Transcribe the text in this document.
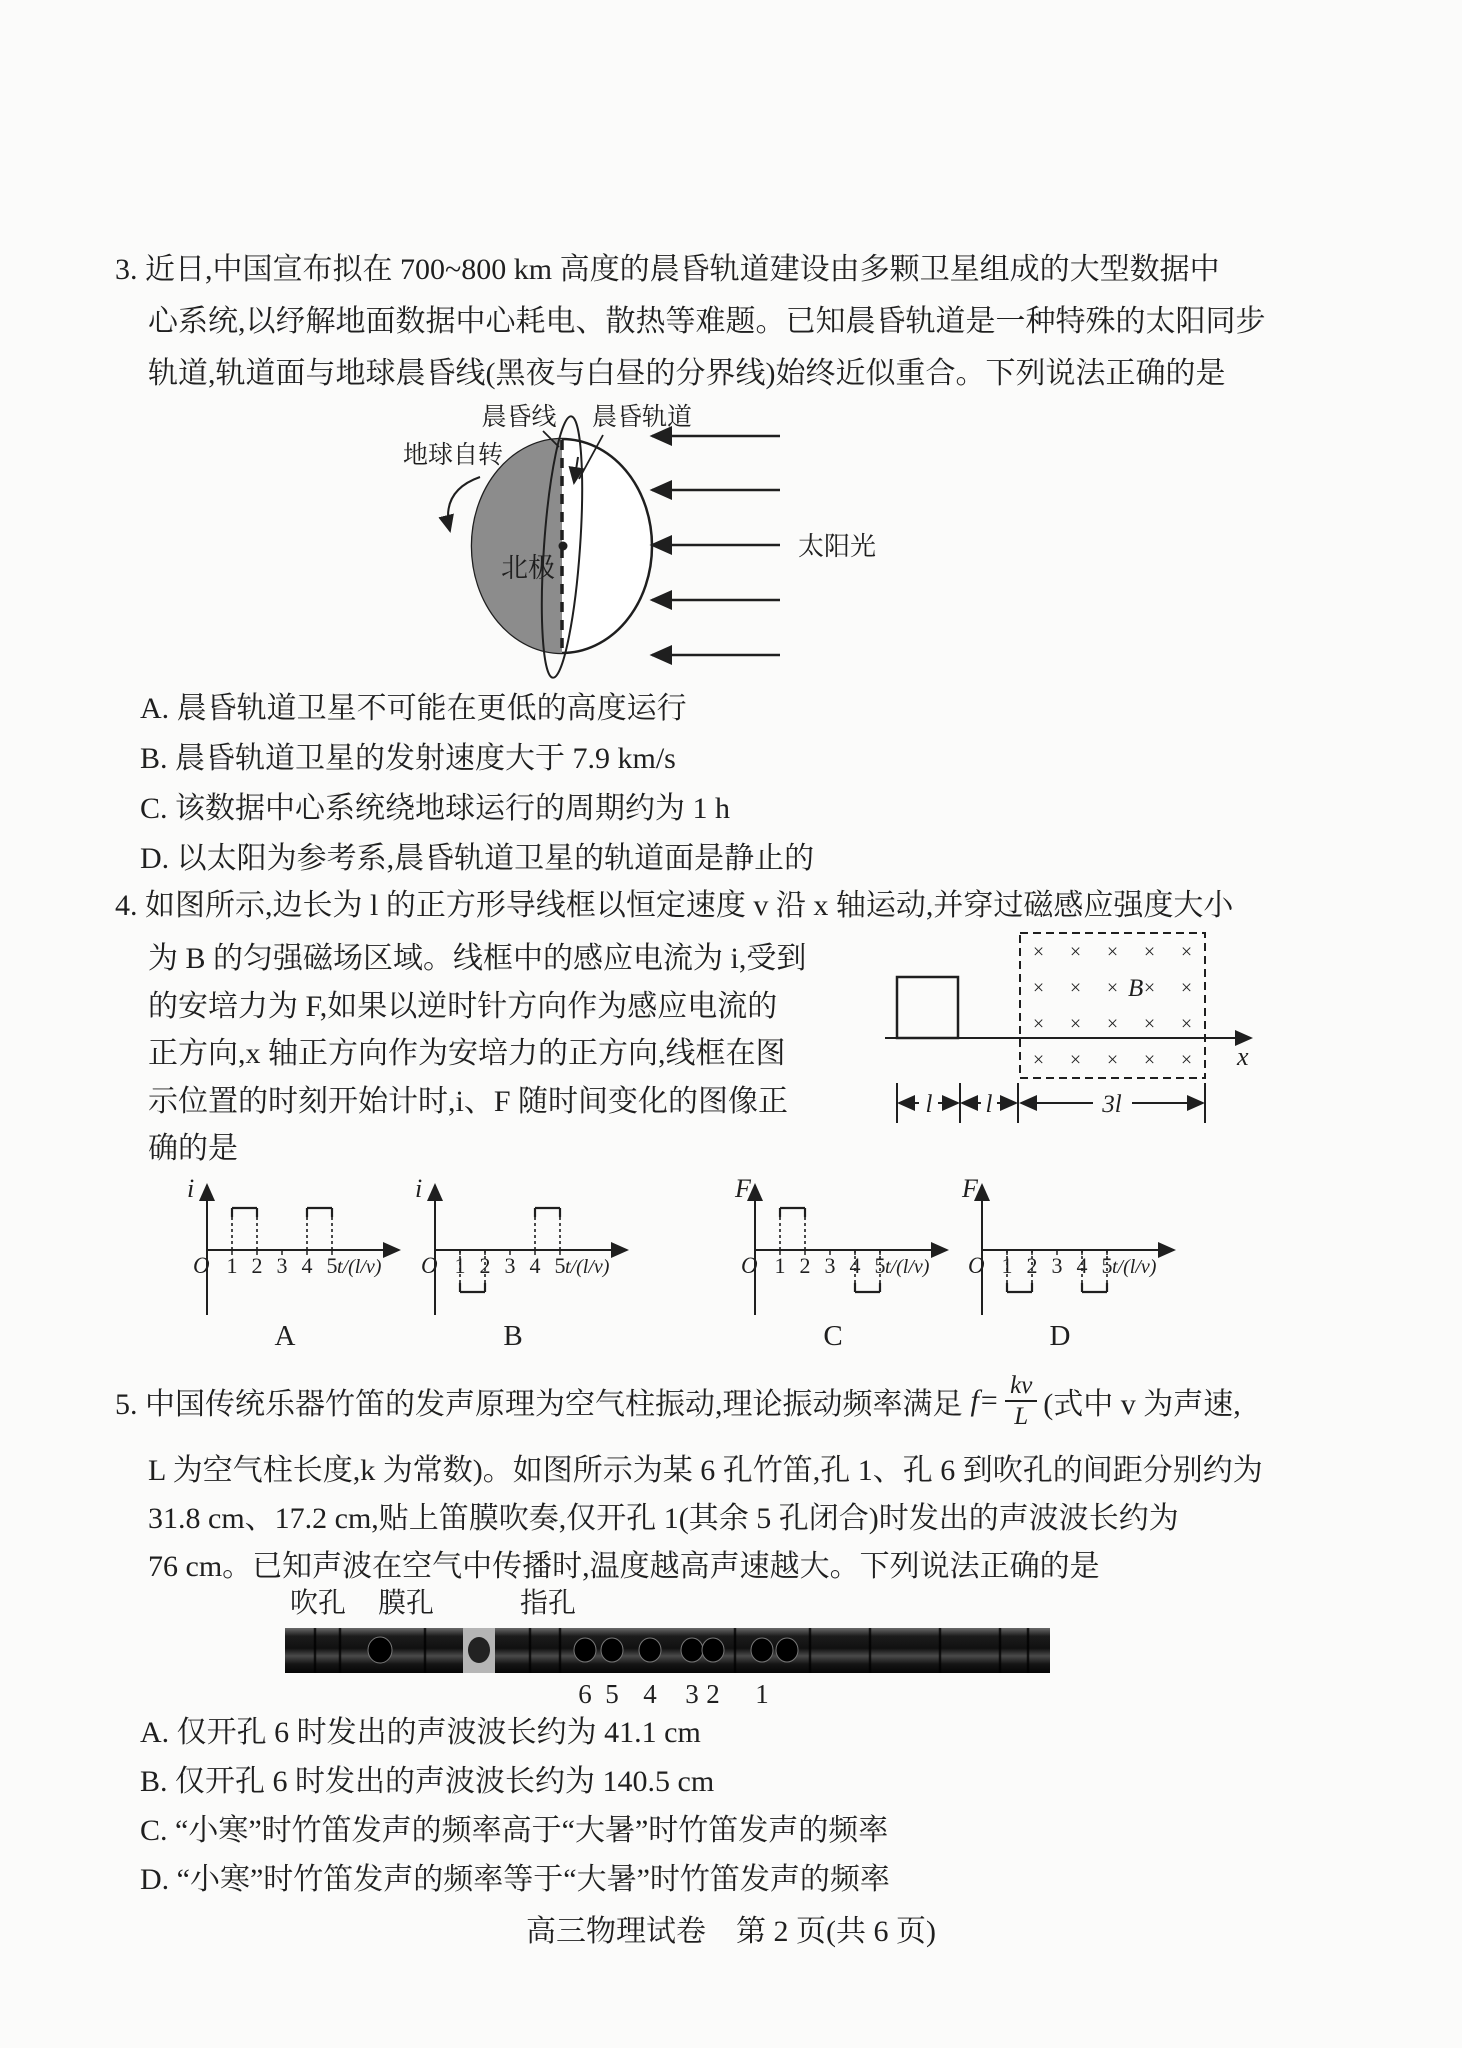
3. 近日,中国宣布拟在 700~800 km 高度的晨昏轨道建设由多颗卫星组成的大型数据中
心系统,以纾解地面数据中心耗电、散热等难题。已知晨昏轨道是一种特殊的太阳同步
轨道,轨道面与地球晨昏线(黑夜与白昼的分界线)始终近似重合。下列说法正确的是
北极
晨昏线 晨昏轨道
地球自转
太阳光
A. 晨昏轨道卫星不可能在更低的高度运行
B. 晨昏轨道卫星的发射速度大于 7.9 km/s
C. 该数据中心系统绕地球运行的周期约为 1 h
D. 以太阳为参考系,晨昏轨道卫星的轨道面是静止的
4. 如图所示,边长为 l 的正方形导线框以恒定速度 v 沿 x 轴运动,并穿过磁感应强度大小
为 B 的匀强磁场区域。线框中的感应电流为 i,受到
的安培力为 F,如果以逆时针方向作为感应电流的
正方向,x 轴正方向作为安培力的正方向,线框在图
示位置的时刻开始计时,i、F 随时间变化的图像正
确的是
x
× × × × ×
× × × × ×
× × × × ×
× × × × ×
B
l l	3l
i
O	t/(l/v)
1 2 3 4 5
A
i
O	t/(l/v)
1 2 3 4 5
B
F
O	t/(l/v)
1 2 3 4 5
C
F
O	t/(l/v)
1 2 3 4 5
D
5. 中国传统乐器竹笛的发声原理为空气柱振动,理论振动频率满足 $f= \frac{kv}{L}$ (式中 v 为声速,
L 为空气柱长度,k 为常数)。如图所示为某 6 孔竹笛,孔 1、孔 6 到吹孔的间距分别约为
31.8 cm、17.2 cm,贴上笛膜吹奏,仅开孔 1(其余 5 孔闭合)时发出的声波波长约为
76 cm。已知声波在空气中传播时,温度越高声速越大。下列说法正确的是
吹孔 膜孔	指孔
6 5 4 3 2 1
A. 仅开孔 6 时发出的声波波长约为 41.1 cm
B. 仅开孔 6 时发出的声波波长约为 140.5 cm
C. “小寒”时竹笛发声的频率高于“大暑”时竹笛发声的频率
D. “小寒”时竹笛发声的频率等于“大暑”时竹笛发声的频率
高三物理试卷　第 2 页(共 6 页)
